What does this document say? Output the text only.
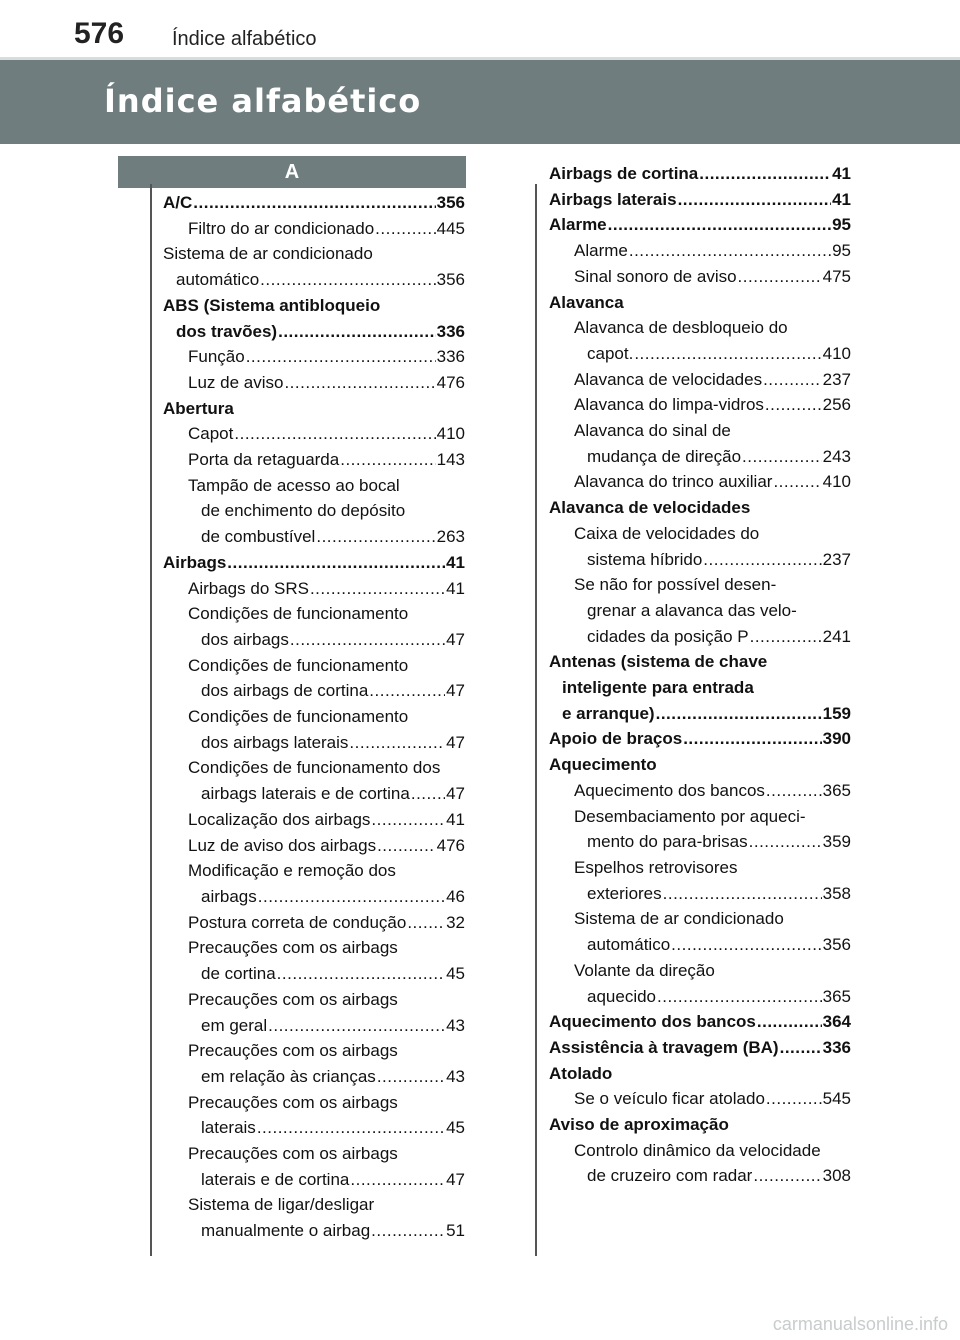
576 Índice alfabético
Índice alfabético
A
A/C .....	356
Filtro do ar condicionado .....	445
Sistema de ar condicionado
automático .....	356
ABS (Sistema antibloqueio
dos travões) .....	336
Função .....	336
Luz de aviso .....	476
Abertura
Capot .....	410
Porta da retaguarda .....	143
Tampão de acesso ao bocal
de enchimento do depósito
de combustível .....	263
Airbags .....	41
Airbags do SRS .....	41
Condições de funcionamento
dos airbags .....	47
Condições de funcionamento
dos airbags de cortina .....	47
Condições de funcionamento
dos airbags laterais .....	47
Condições de funcionamento dos
airbags laterais e de cortina ..... 47
Localização dos airbags .....	41
Luz de aviso dos airbags .....	476
Modificação e remoção dos
airbags .....	46
Postura correta de condução ..... 32
Precauções com os airbags
de cortina .....	45
Precauções com os airbags
em geral .....	43
Precauções com os airbags
em relação às crianças .....	43
Precauções com os airbags
laterais .....	45
Precauções com os airbags
laterais e de cortina .....	47
Sistema de ligar/desligar
manualmente o airbag .....	51
Airbags de cortina .....	41
Airbags laterais .....	41
Alarme .....	95
Alarme .....	95
Sinal sonoro de aviso .....	475
Alavanca
Alavanca de desbloqueio do
capot. .....	410
Alavanca de velocidades .....	237
Alavanca do limpa-vidros .....	256
Alavanca do sinal de
mudança de direção .....	243
Alavanca do trinco auxiliar .....	410
Alavanca de velocidades
Caixa de velocidades do
sistema híbrido .....	237
Se não for possível desen-
grenar a alavanca das velo-
cidades da posição P .....	241
Antenas (sistema de chave
inteligente para entrada
e arranque) .....	159
Apoio de braços .....	390
Aquecimento
Aquecimento dos bancos .....	365
Desembaciamento por aqueci-
mento do para-brisas .....	359
Espelhos retrovisores
exteriores .....	358
Sistema de ar condicionado
automático .....	356
Volante da direção
aquecido .....	365
Aquecimento dos bancos .....	364
Assistência à travagem (BA) .....	336
Atolado
Se o veículo ficar atolado .....	545
Aviso de aproximação
Controlo dinâmico da velocidade
de cruzeiro com radar .....	308
carmanualsonline.info
